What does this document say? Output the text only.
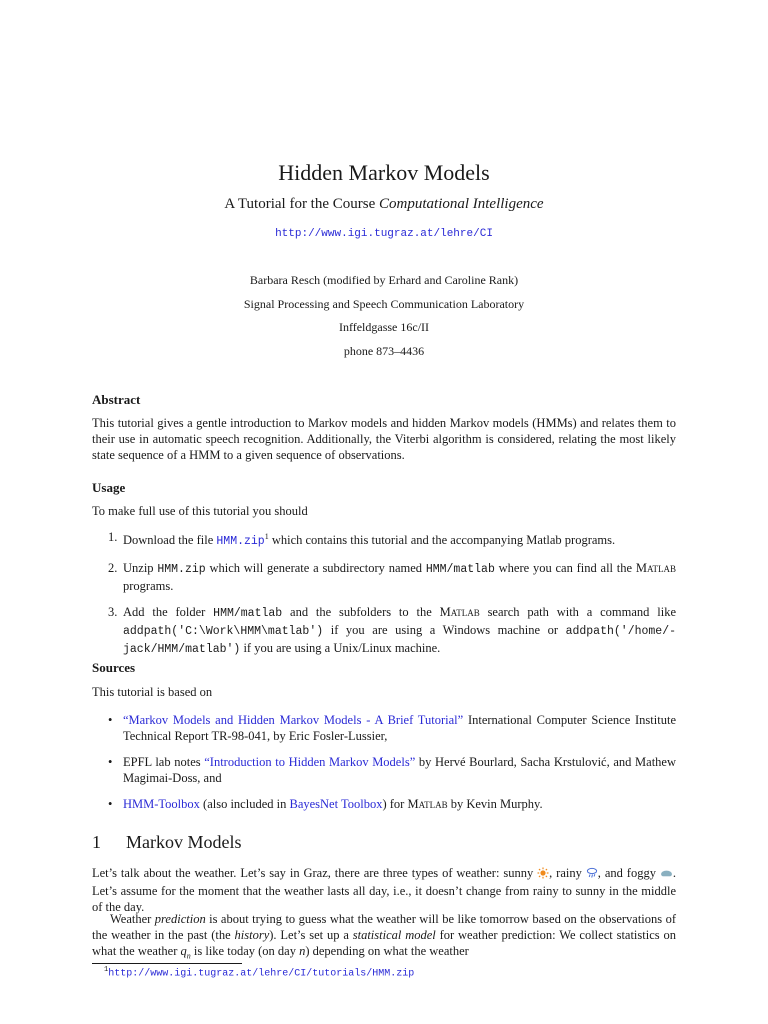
Hidden Markov Models
A Tutorial for the Course Computational Intelligence
http://www.igi.tugraz.at/lehre/CI
Barbara Resch (modified by Erhard and Caroline Rank)
Signal Processing and Speech Communication Laboratory
Inffeldgasse 16c/II
phone 873–4436
Abstract
This tutorial gives a gentle introduction to Markov models and hidden Markov models (HMMs) and relates them to their use in automatic speech recognition. Additionally, the Viterbi algorithm is considered, relating the most likely state sequence of a HMM to a given sequence of observations.
Usage
To make full use of this tutorial you should
1. Download the file HMM.zip$^1$ which contains this tutorial and the accompanying Matlab programs.
2. Unzip HMM.zip which will generate a subdirectory named HMM/matlab where you can find all the Matlab programs.
3. Add the folder HMM/matlab and the subfolders to the Matlab search path with a command like addpath('C:\Work\HMM\matlab') if you are using a Windows machine or addpath('/home/-jack/HMM/matlab') if you are using a Unix/Linux machine.
Sources
This tutorial is based on
• “Markov Models and Hidden Markov Models - A Brief Tutorial” International Computer Science Institute Technical Report TR-98-041, by Eric Fosler-Lussier,
• EPFL lab notes “Introduction to Hidden Markov Models” by Hervé Bourlard, Sacha Krstulović, and Mathew Magimai-Doss, and
• HMM-Toolbox (also included in BayesNet Toolbox) for Matlab by Kevin Murphy.
1 Markov Models
Let’s talk about the weather. Let’s say in Graz, there are three types of weather: sunny , rainy , and foggy . Let’s assume for the moment that the weather lasts all day, i.e., it doesn’t change from rainy to sunny in the middle of the day.
Weather prediction is about trying to guess what the weather will be like tomorrow based on the observations of the weather in the past (the history). Let’s set up a statistical model for weather prediction: We collect statistics on what the weather $q_n$ is like today (on day n) depending on what the weather
$^1$http://www.igi.tugraz.at/lehre/CI/tutorials/HMM.zip
